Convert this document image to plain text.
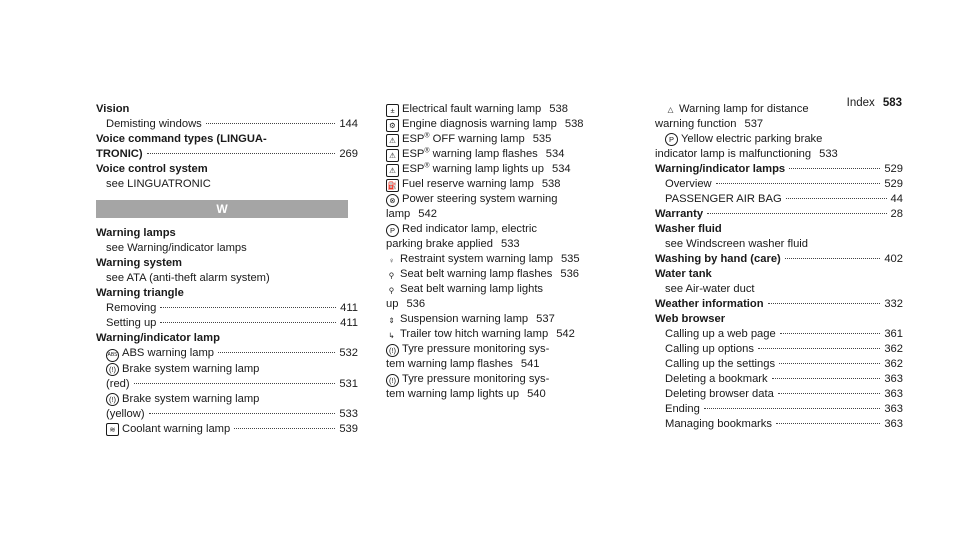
Index 583
Vision
Demisting windows	144
Voice command types (LINGUA-
TRONIC)	269
Voice control system
see LINGUATRONIC
W
Warning lamps
see Warning/indicator lamps
Warning system
see ATA (anti-theft alarm system)
Warning triangle
Removing	411
Setting up	411
Warning/indicator lamp
ABS ABS warning lamp	532
(!) Brake system warning lamp
(red)	531
(!) Brake system warning lamp
(yellow)	533
≋ Coolant warning lamp	539
± Electrical fault warning lamp 538
⚙ Engine diagnosis warning lamp 538
⚠ ESP® OFF warning lamp 535
⚠ ESP® warning lamp flashes 534
⚠ ESP® warning lamp lights up 534
⛽ Fuel reserve warning lamp 538
⊗ Power steering system warning
lamp 542
P Red indicator lamp, electric
parking brake applied 533
♀ Restraint system warning lamp 535
⚲ Seat belt warning lamp flashes 536
⚲ Seat belt warning lamp lights
up 536
⇕ Suspension warning lamp 537
↳ Trailer tow hitch warning lamp 542
(!) Tyre pressure monitoring sys-
tem warning lamp flashes 541
(!) Tyre pressure monitoring sys-
tem warning lamp lights up 540
△ Warning lamp for distance
warning function 537
P Yellow electric parking brake
indicator lamp is malfunctioning 533
Warning/indicator lamps	529
Overview	529
PASSENGER AIR BAG	44
Warranty	28
Washer fluid
see Windscreen washer fluid
Washing by hand (care)	402
Water tank
see Air-water duct
Weather information	332
Web browser
Calling up a web page	361
Calling up options	362
Calling up the settings	362
Deleting a bookmark	363
Deleting browser data	363
Ending	363
Managing bookmarks	363
